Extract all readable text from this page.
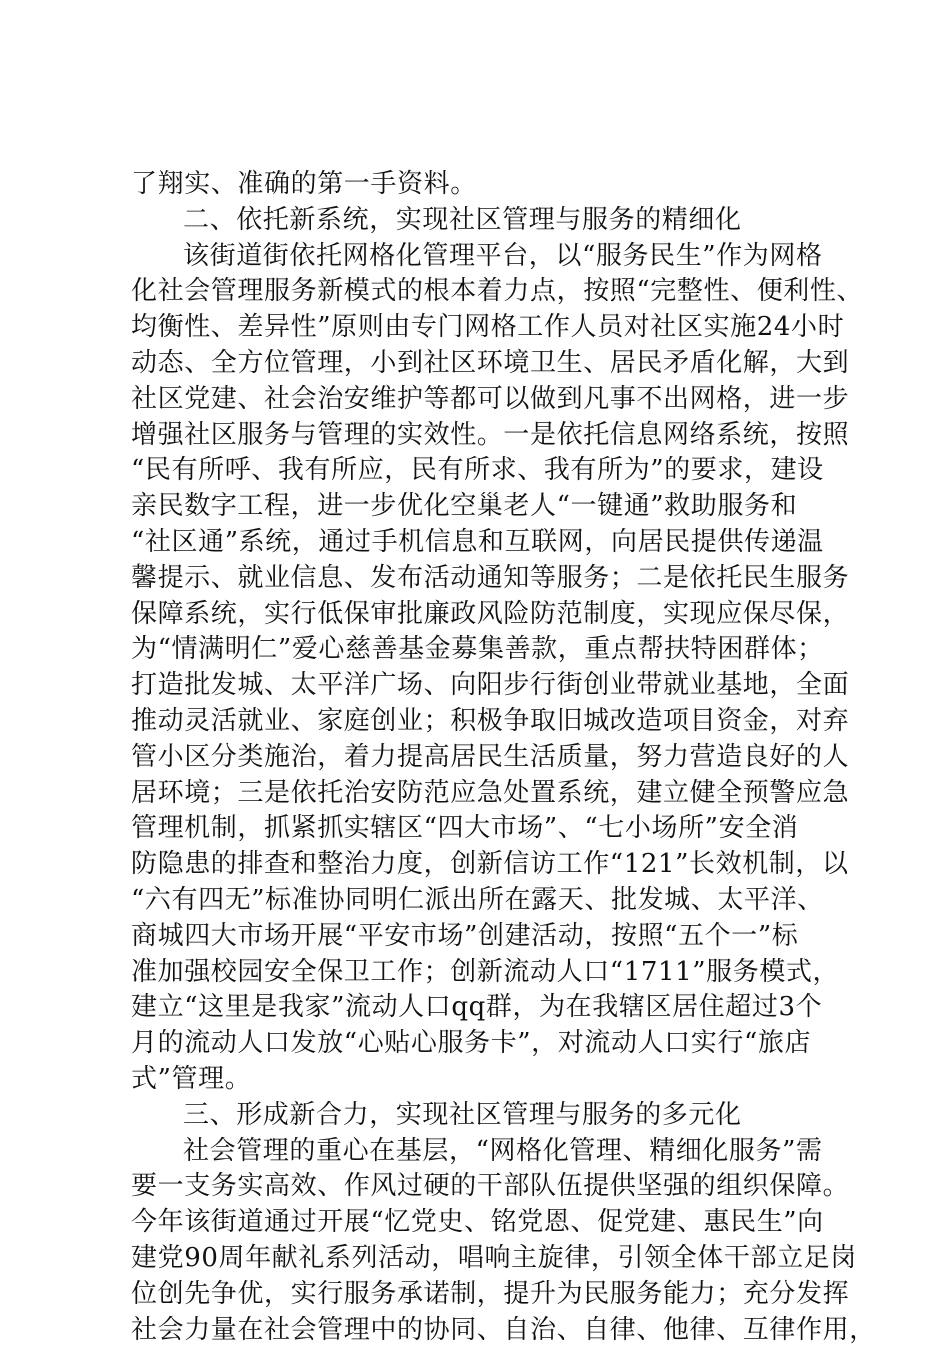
了翔实、准确的第一手资料。
二、依托新系统，实现社区管理与服务的精细化
该街道街依托网格化管理平台，以“服务民生”作为网格
化社会管理服务新模式的根本着力点，按照“完整性、便利性、
均衡性、差异性”原则由专门网格工作人员对社区实施24小时
动态、全方位管理，小到社区环境卫生、居民矛盾化解，大到
社区党建、社会治安维护等都可以做到凡事不出网格，进一步
增强社区服务与管理的实效性。一是依托信息网络系统，按照
“民有所呼、我有所应，民有所求、我有所为”的要求，建设
亲民数字工程，进一步优化空巢老人“一键通”救助服务和
“社区通”系统，通过手机信息和互联网，向居民提供传递温
馨提示、就业信息、发布活动通知等服务；二是依托民生服务
保障系统，实行低保审批廉政风险防范制度，实现应保尽保，
为“情满明仁”爱心慈善基金募集善款，重点帮扶特困群体；
打造批发城、太平洋广场、向阳步行街创业带就业基地，全面
推动灵活就业、家庭创业；积极争取旧城改造项目资金，对弃
管小区分类施治，着力提高居民生活质量，努力营造良好的人
居环境；三是依托治安防范应急处置系统，建立健全预警应急
管理机制，抓紧抓实辖区“四大市场”、“七小场所”安全消
防隐患的排查和整治力度，创新信访工作“121”长效机制，以
“六有四无”标准协同明仁派出所在露天、批发城、太平洋、
商城四大市场开展“平安市场”创建活动，按照“五个一”标
准加强校园安全保卫工作；创新流动人口“1711”服务模式，
建立“这里是我家”流动人口qq群，为在我辖区居住超过3个
月的流动人口发放“心贴心服务卡”，对流动人口实行“旅店
式”管理。
三、形成新合力，实现社区管理与服务的多元化
社会管理的重心在基层，“网格化管理、精细化服务”需
要一支务实高效、作风过硬的干部队伍提供坚强的组织保障。
今年该街道通过开展“忆党史、铭党恩、促党建、惠民生”向
建党90周年献礼系列活动，唱响主旋律，引领全体干部立足岗
位创先争优，实行服务承诺制，提升为民服务能力；充分发挥
社会力量在社会管理中的协同、自治、自律、他律、互律作用，
